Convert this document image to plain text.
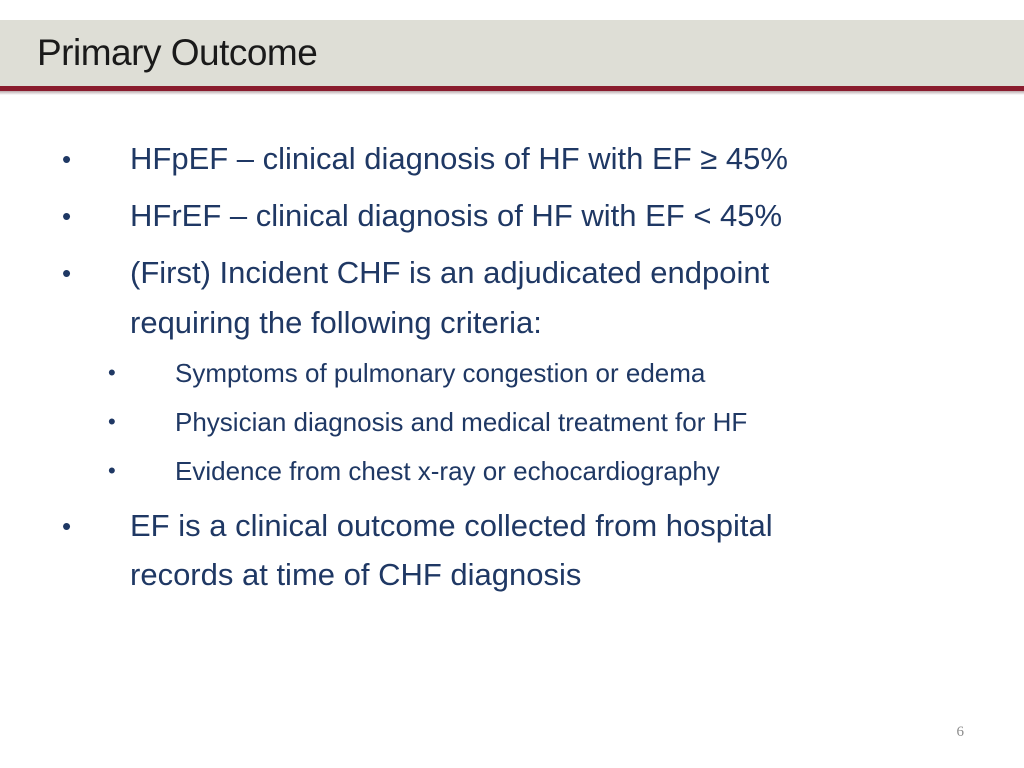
Primary Outcome
• HFpEF – clinical diagnosis of HF with EF ≥ 45%
• HFrEF – clinical diagnosis of HF with EF < 45%
• (First) Incident CHF is an adjudicated endpoint
requiring the following criteria:
• Symptoms of pulmonary congestion or edema
• Physician diagnosis and medical treatment for HF
• Evidence from chest x-ray or echocardiography
• EF is a clinical outcome collected from hospital
records at time of CHF diagnosis
6
